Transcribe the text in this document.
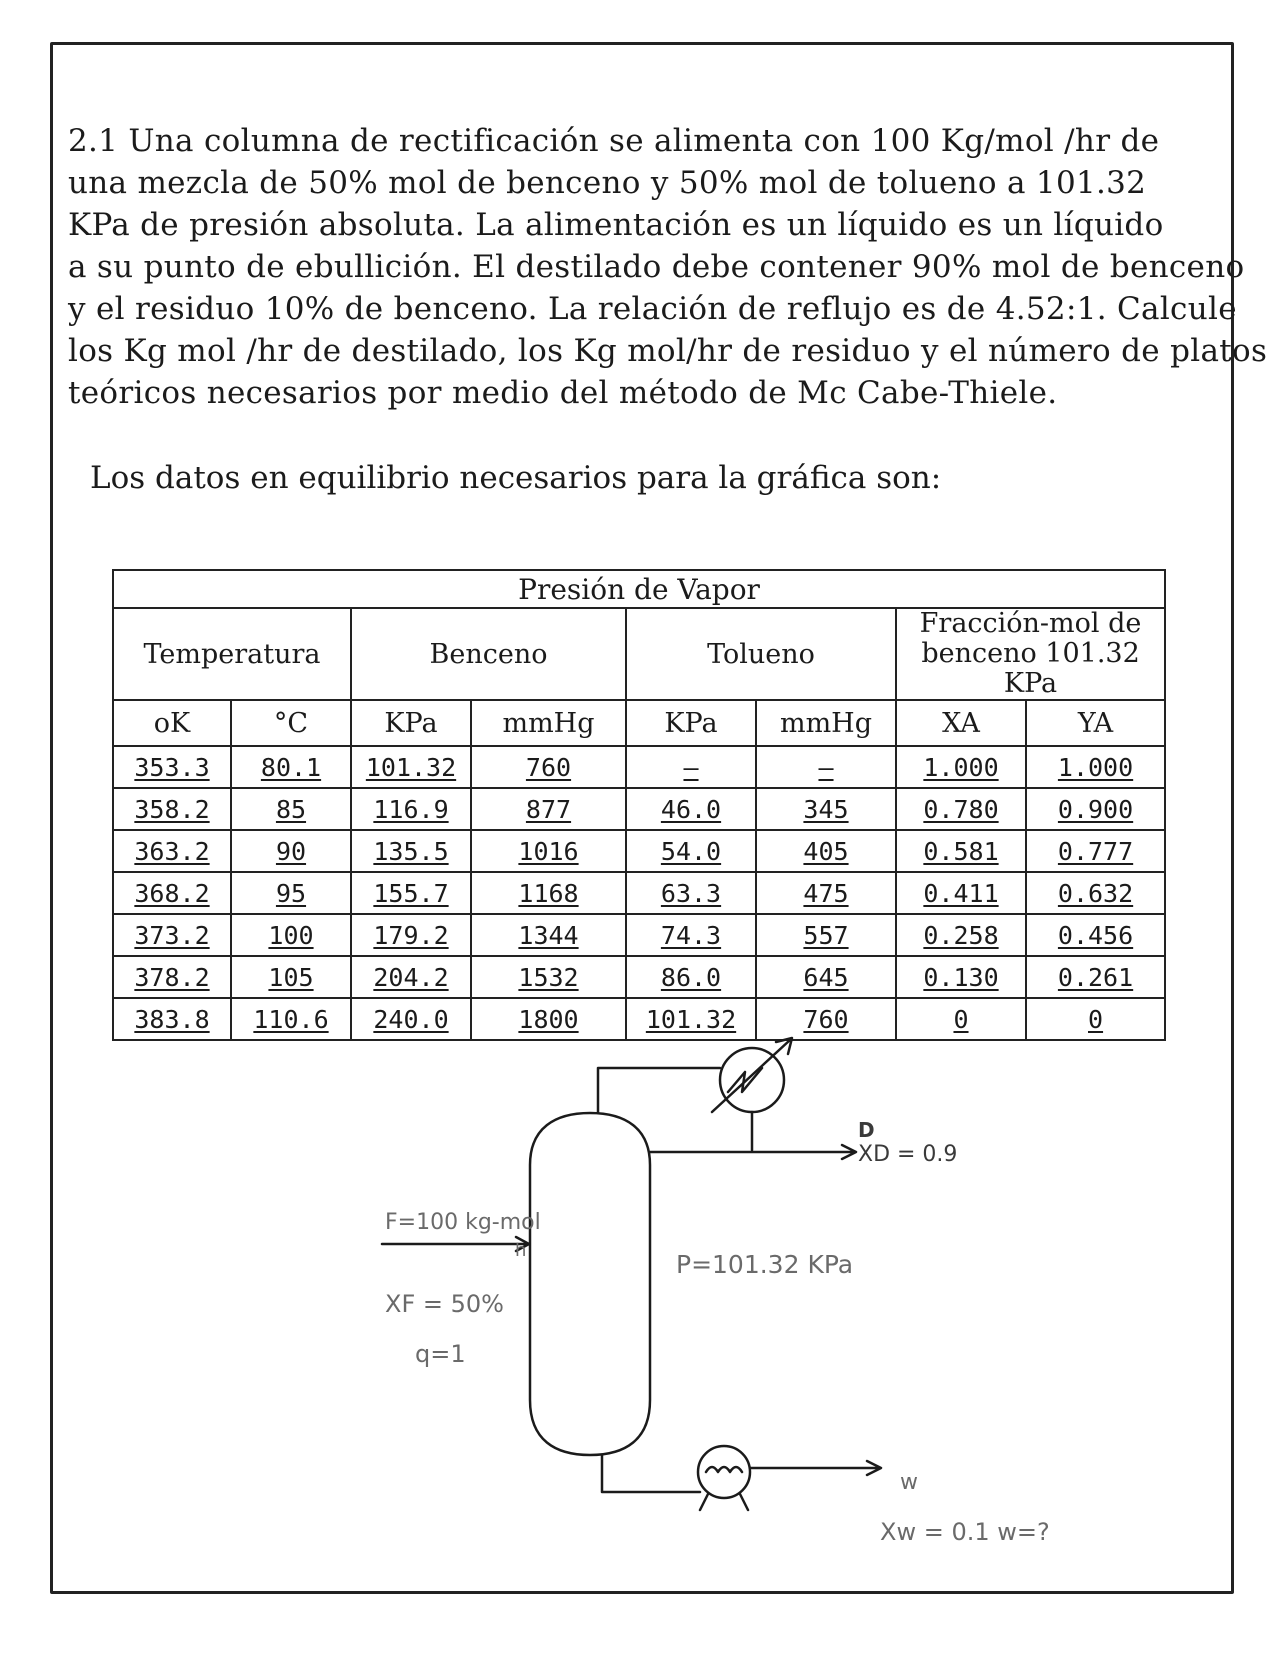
2.1 Una columna de rectificación se alimenta con 100 Kg/mol /hr de
una mezcla de 50% mol de benceno y 50% mol de tolueno a 101.32
KPa de presión absoluta. La alimentación es un líquido es un líquido
a su punto de ebullición. El destilado debe contener 90% mol de benceno
y el residuo 10% de benceno. La relación de reflujo es de 4.52:1. Calcule
los Kg mol /hr de destilado, los Kg mol/hr de residuo y el número de platos
teóricos necesarios por medio del método de Mc Cabe-Thiele.
Los datos en equilibrio necesarios para la gráfica son:
Presión de Vapor							
Temperatura		Benceno		Tolueno		Fracción-mol de benceno 101.32 KPa	
oK	°C	KPa	mmHg	KPa	mmHg	XA	YA
353.3	80.1	101.32	760	—	—	1.000	1.000
358.2	85	116.9	877	46.0	345	0.780	0.900
363.2	90	135.5	1016	54.0	405	0.581	0.777
368.2	95	155.7	1168	63.3	475	0.411	0.632
373.2	100	179.2	1344	74.3	557	0.258	0.456
378.2	105	204.2	1532	86.0	645	0.130	0.261
383.8	110.6	240.0	1800	101.32	760	0	0
D
XD = 0.9
F=100 kg-mol
h
XF = 50%
q=1
P=101.32 KPa
w
Xw = 0.1 w=?
